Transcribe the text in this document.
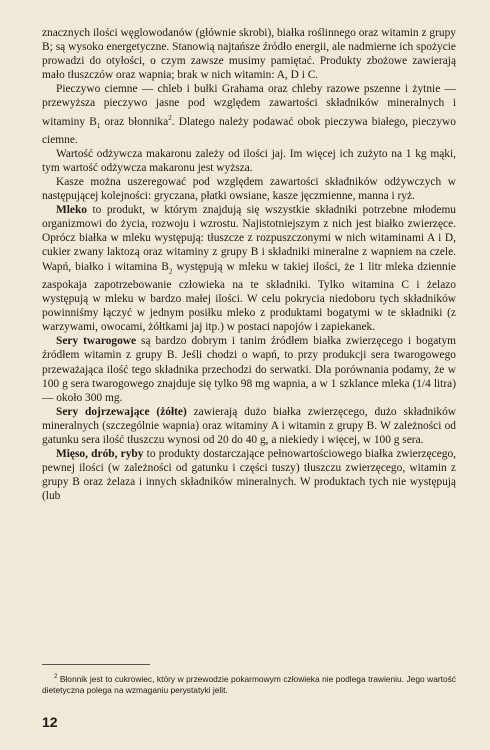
znacznych ilości węglowodanów (głównie skrobi), białka roślinnego oraz witamin z grupy B; są wysoko energetyczne. Stanowią najtańsze źródło energii, ale nadmierne ich spożycie prowadzi do otyłości, o czym zawsze musimy pamiętać. Produkty zbożowe zawierają mało tłuszczów oraz wapnia; brak w nich witamin: A, D i C.

Pieczywo ciemne — chleb i bułki Grahama oraz chleby razowe pszenne i żytnie — przewyższa pieczywo jasne pod względem zawartości składników mineralnych i witaminy $B_1$ oraz błonnika$^2$. Dlatego należy podawać obok pieczywa białego, pieczywo ciemne.

Wartość odżywcza makaronu zależy od ilości jaj. Im więcej ich zużyto na 1 kg mąki, tym wartość odżywcza makaronu jest wyższa.

Kasze można uszeregować pod względem zawartości składników odżywczych w następującej kolejności: gryczana, płatki owsiane, kasze jęczmienne, manna i ryż.

Mleko to produkt, w którym znajdują się wszystkie składniki potrzebne młodemu organizmowi do życia, rozwoju i wzrostu. Najistotniejszym z nich jest białko zwierzęce. Oprócz białka w mleku występują: tłuszcze z rozpuszczonymi w nich witaminami A i D, cukier zwany laktozą oraz witaminy z grupy B i składniki mineralne z wapniem na czele. Wapń, białko i witamina $B_2$ występują w mleku w takiej ilości, że 1 litr mleka dziennie zaspokaja zapotrzebowanie człowieka na te składniki. Tylko witamina C i żelazo występują w mleku w bardzo małej ilości. W celu pokrycia niedoboru tych składników powinniśmy łączyć w jednym posiłku mleko z produktami bogatymi w te składniki (z warzywami, owocami, żółtkami jaj itp.) w postaci napojów i zapiekanek.

Sery twarogowe są bardzo dobrym i tanim źródłem białka zwierzęcego i bogatym źródłem witamin z grupy B. Jeśli chodzi o wapń, to przy produkcji sera twarogowego przeważająca ilość tego składnika przechodzi do serwatki. Dla porównania podamy, że w 100 g sera twarogowego znajduje się tylko 98 mg wapnia, a w 1 szklance mleka (1/4 litra) — około 300 mg.

Sery dojrzewające (żółte) zawierają dużo białka zwierzęcego, dużo składników mineralnych (szczególnie wapnia) oraz witaminy A i witamin z grupy B. W zależności od gatunku sera ilość tłuszczu wynosi od 20 do 40 g, a niekiedy i więcej, w 100 g sera.

Mięso, drób, ryby to produkty dostarczające pełnowartościowego białka zwierzęcego, pewnej ilości (w zależności od gatunku i części tuszy) tłuszczu zwierzęcego, witamin z grupy B oraz żelaza i innych składników mineralnych. W produktach tych nie występują (lub

$^2$ Błonnik jest to cukrowiec, który w przewodzie pokarmowym człowieka nie podlega trawieniu. Jego wartość dietetyczna polega na wzmaganiu perystatyki jelit.
12
